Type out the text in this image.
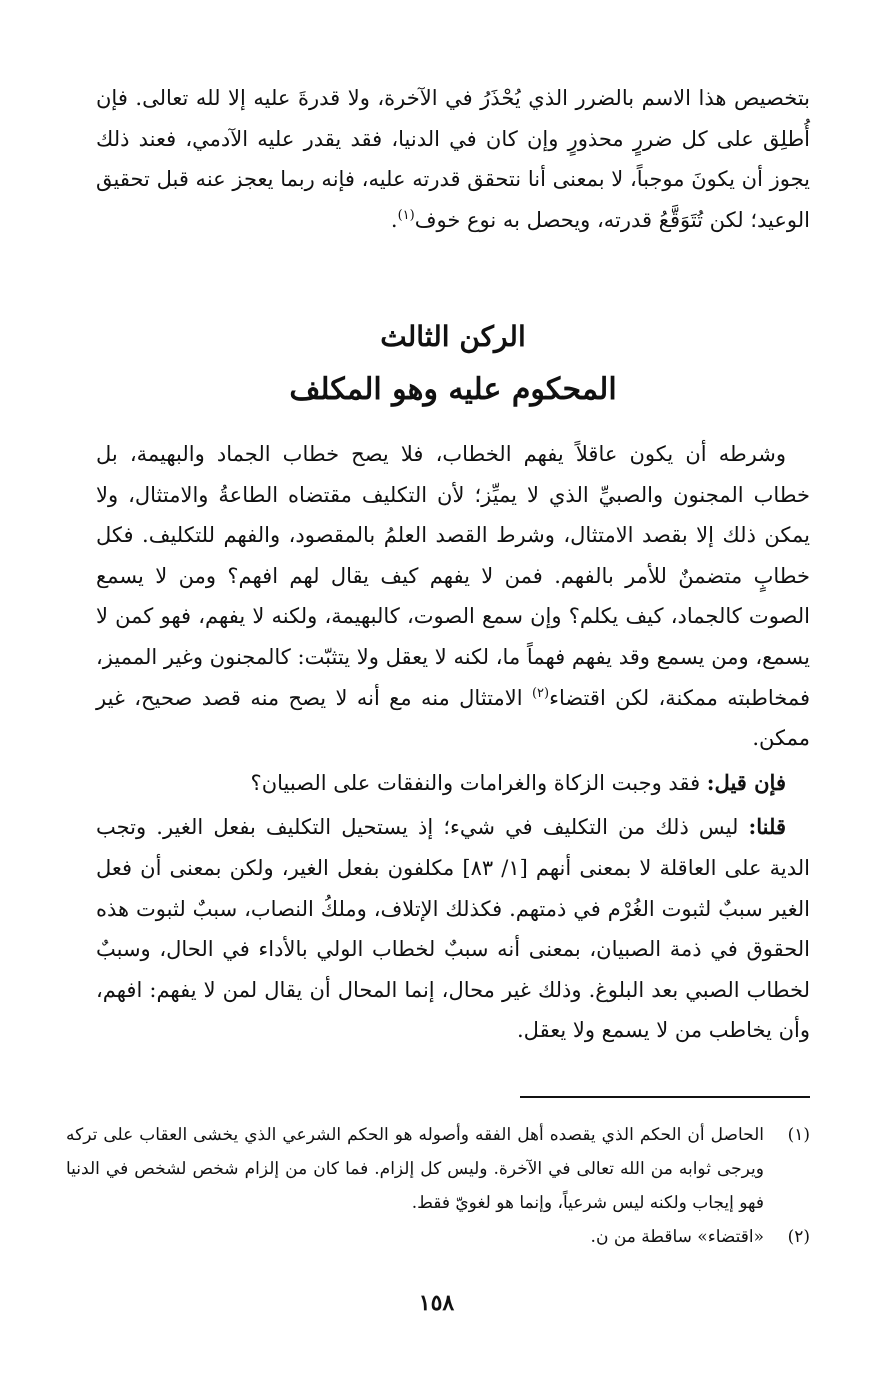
بتخصيص هذا الاسم بالضرر الذي يُحْذَرُ في الآخرة، ولا قدرةَ عليه إلا لله تعالى. فإن أُطلِق على كل ضررٍ محذورٍ وإن كان في الدنيا، فقد يقدر عليه الآدمي، فعند ذلك يجوز أن يكونَ موجباً، لا بمعنى أنا نتحقق قدرته عليه، فإنه ربما يعجز عنه قبل تحقيق الوعيد؛ لكن تُتَوَقَّعُ قدرته، ويحصل به نوع خوف$^{(١)}$.

الركن الثالث
المحكوم عليه وهو المكلف

وشرطه أن يكون عاقلاً يفهم الخطاب، فلا يصح خطاب الجماد والبهيمة، بل خطاب المجنون والصبيِّ الذي لا يميِّز؛ لأن التكليف مقتضاه الطاعةُ والامتثال، ولا يمكن ذلك إلا بقصد الامتثال، وشرط القصد العلمُ بالمقصود، والفهم للتكليف. فكل خطابٍ متضمنٌ للأمر بالفهم. فمن لا يفهم كيف يقال لهم افهم؟ ومن لا يسمع الصوت كالجماد، كيف يكلم؟ وإن سمع الصوت، كالبهيمة، ولكنه لا يفهم، فهو كمن لا يسمع، ومن يسمع وقد يفهم فهماً ما، لكنه لا يعقل ولا يتثبّت: كالمجنون وغير المميز، فمخاطبته ممكنة، لكن اقتضاء$^{(٢)}$ الامتثال منه مع أنه لا يصح منه قصد صحيح، غير ممكن.

فإن قيل: فقد وجبت الزكاة والغرامات والنفقات على الصبيان؟

قلنا: ليس ذلك من التكليف في شيء؛ إذ يستحيل التكليف بفعل الغير. وتجب الدية على العاقلة لا بمعنى أنهم [١/ ٨٣] مكلفون بفعل الغير، ولكن بمعنى أن فعل الغير سببٌ لثبوت الغُرْم في ذمتهم. فكذلك الإتلاف، وملكُ النصاب، سببٌ لثبوت هذه الحقوق في ذمة الصبيان، بمعنى أنه سببٌ لخطاب الولي بالأداء في الحال، وسببٌ لخطاب الصبي بعد البلوغ. وذلك غير محال، إنما المحال أن يقال لمن لا يفهم: افهم، وأن يخاطب من لا يسمع ولا يعقل.

(١)
الحاصل أن الحكم الذي يقصده أهل الفقه وأصوله هو الحكم الشرعي الذي يخشى العقاب على تركه ويرجى ثوابه من الله تعالى في الآخرة. وليس كل إلزام. فما كان من إلزام شخص لشخص في الدنيا فهو إيجاب ولكنه ليس شرعياً، وإنما هو لغويّ فقط.

(٢)
«اقتضاء» ساقطة من ن.

١٥٨
